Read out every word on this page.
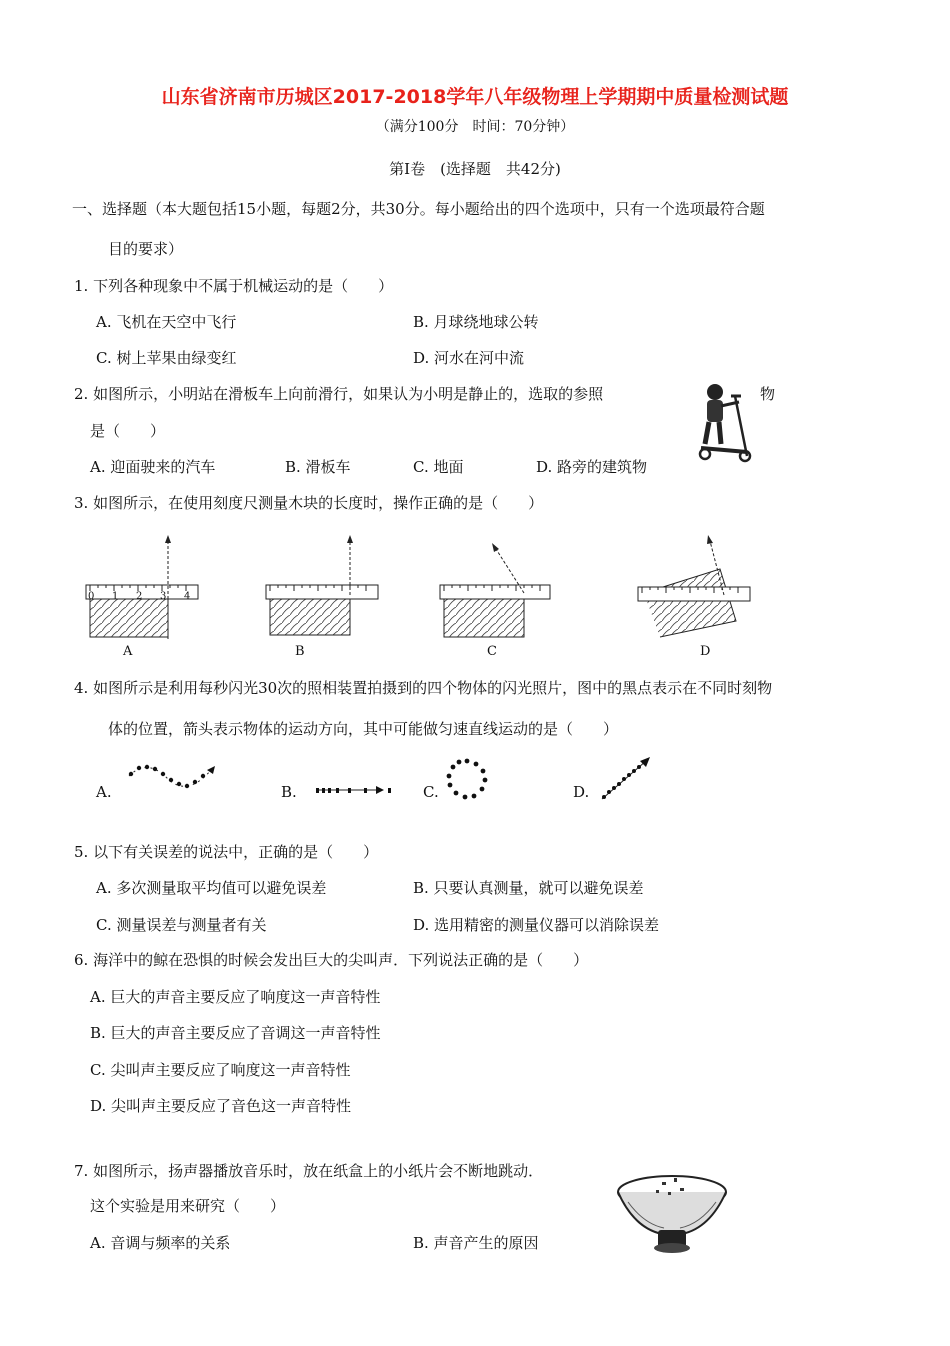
山东省济南市历城区2017-2018学年八年级物理上学期期中质量检测试题
（满分100分　时间：70分钟）
第Ⅰ卷　(选择题　共42分)
一、选择题（本大题包括15小题，每题2分，共30分。每小题给出的四个选项中，只有一个选项最符合题
目的要求）
1. 下列各种现象中不属于机械运动的是（　　）
A. 飞机在天空中飞行	B. 月球绕地球公转
C. 树上苹果由绿变红	D. 河水在河中流
2. 如图所示，小明站在滑板车上向前滑行，如果认为小明是静止的，选取的参照	物
是（　　）
A. 迎面驶来的汽车	B. 滑板车	C. 地面	D. 路旁的建筑物
3. 如图所示，在使用刻度尺测量木块的长度时，操作正确的是（　　）
0 1 2 3 4
A	B	C	D
4. 如图所示是利用每秒闪光30次的照相装置拍摄到的四个物体的闪光照片，图中的黑点表示在不同时刻物
体的位置，箭头表示物体的运动方向，其中可能做匀速直线运动的是（　　）
A.	B.	C.	D.
5. 以下有关误差的说法中，正确的是（　　）
A. 多次测量取平均值可以避免误差	B. 只要认真测量，就可以避免误差
C. 测量误差与测量者有关	D. 选用精密的测量仪器可以消除误差
6. 海洋中的鲸在恐惧的时候会发出巨大的尖叫声．下列说法正确的是（　　）
A. 巨大的声音主要反应了响度这一声音特性
B. 巨大的声音主要反应了音调这一声音特性
C. 尖叫声主要反应了响度这一声音特性
D. 尖叫声主要反应了音色这一声音特性
7. 如图所示，扬声器播放音乐时，放在纸盒上的小纸片会不断地跳动．
这个实验是用来研究（　　）
A. 音调与频率的关系	B. 声音产生的原因
